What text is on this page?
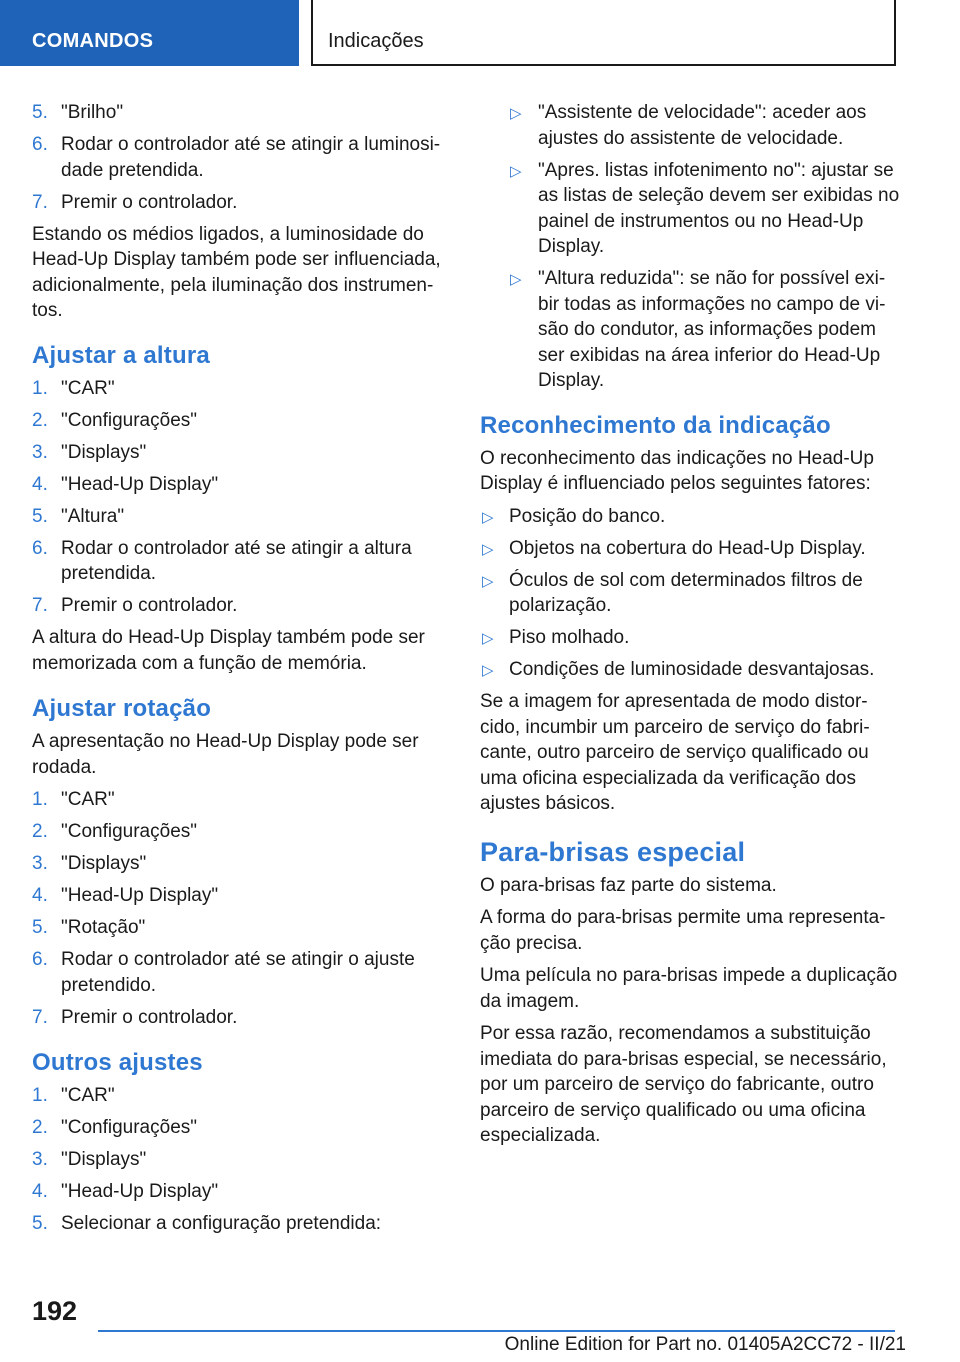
COMANDOS	Indicações
5. "Brilho"
6. Rodar o controlador até se atingir a luminosi‐dade pretendida.
7. Premir o controlador.

Estando os médios ligados, a luminosidade do Head-Up Display também pode ser influenciada, adicionalmente, pela iluminação dos instrumen‐tos.

Ajustar a altura
1. "CAR"
2. "Configurações"
3. "Displays"
4. "Head-Up Display"
5. "Altura"
6. Rodar o controlador até se atingir a altura pretendida.
7. Premir o controlador.

A altura do Head-Up Display também pode ser memorizada com a função de memória.

Ajustar rotação

A apresentação no Head-Up Display pode ser rodada.

1. "CAR"
2. "Configurações"
3. "Displays"
4. "Head-Up Display"
5. "Rotação"
6. Rodar o controlador até se atingir o ajuste pretendido.
7. Premir o controlador.
Outros ajustes
1. "CAR"
2. "Configurações"
3. "Displays"
4. "Head-Up Display"
5. Selecionar a configuração pretendida:
▷ "Assistente de velocidade": aceder aos ajustes do assistente de velocidade.
▷ "Apres. listas infotenimento no": ajustar se as listas de seleção devem ser exibidas no painel de instrumentos ou no Head-Up Display.
▷ "Altura reduzida": se não for possível exi‐bir todas as informações no campo de vi‐são do condutor, as informações podem ser exibidas na área inferior do Head-Up Display.
Reconhecimento da indicação

O reconhecimento das indicações no Head-Up Display é influenciado pelos seguintes fatores:

▷ Posição do banco.
▷ Objetos na cobertura do Head-Up Display.
▷ Óculos de sol com determinados filtros de polarização.
▷ Piso molhado.
▷ Condições de luminosidade desvantajosas.

Se a imagem for apresentada de modo distor‐cido, incumbir um parceiro de serviço do fabri‐cante, outro parceiro de serviço qualificado ou uma oficina especializada da verificação dos ajustes básicos.

Para-brisas especial

O para-brisas faz parte do sistema.

A forma do para-brisas permite uma representa‐ção precisa.

Uma película no para-brisas impede a duplicação da imagem.

Por essa razão, recomendamos a substituição imediata do para-brisas especial, se necessário, por um parceiro de serviço do fabricante, outro parceiro de serviço qualificado ou uma oficina especializada.

192
Online Edition for Part no. 01405A2CC72 - II/21
